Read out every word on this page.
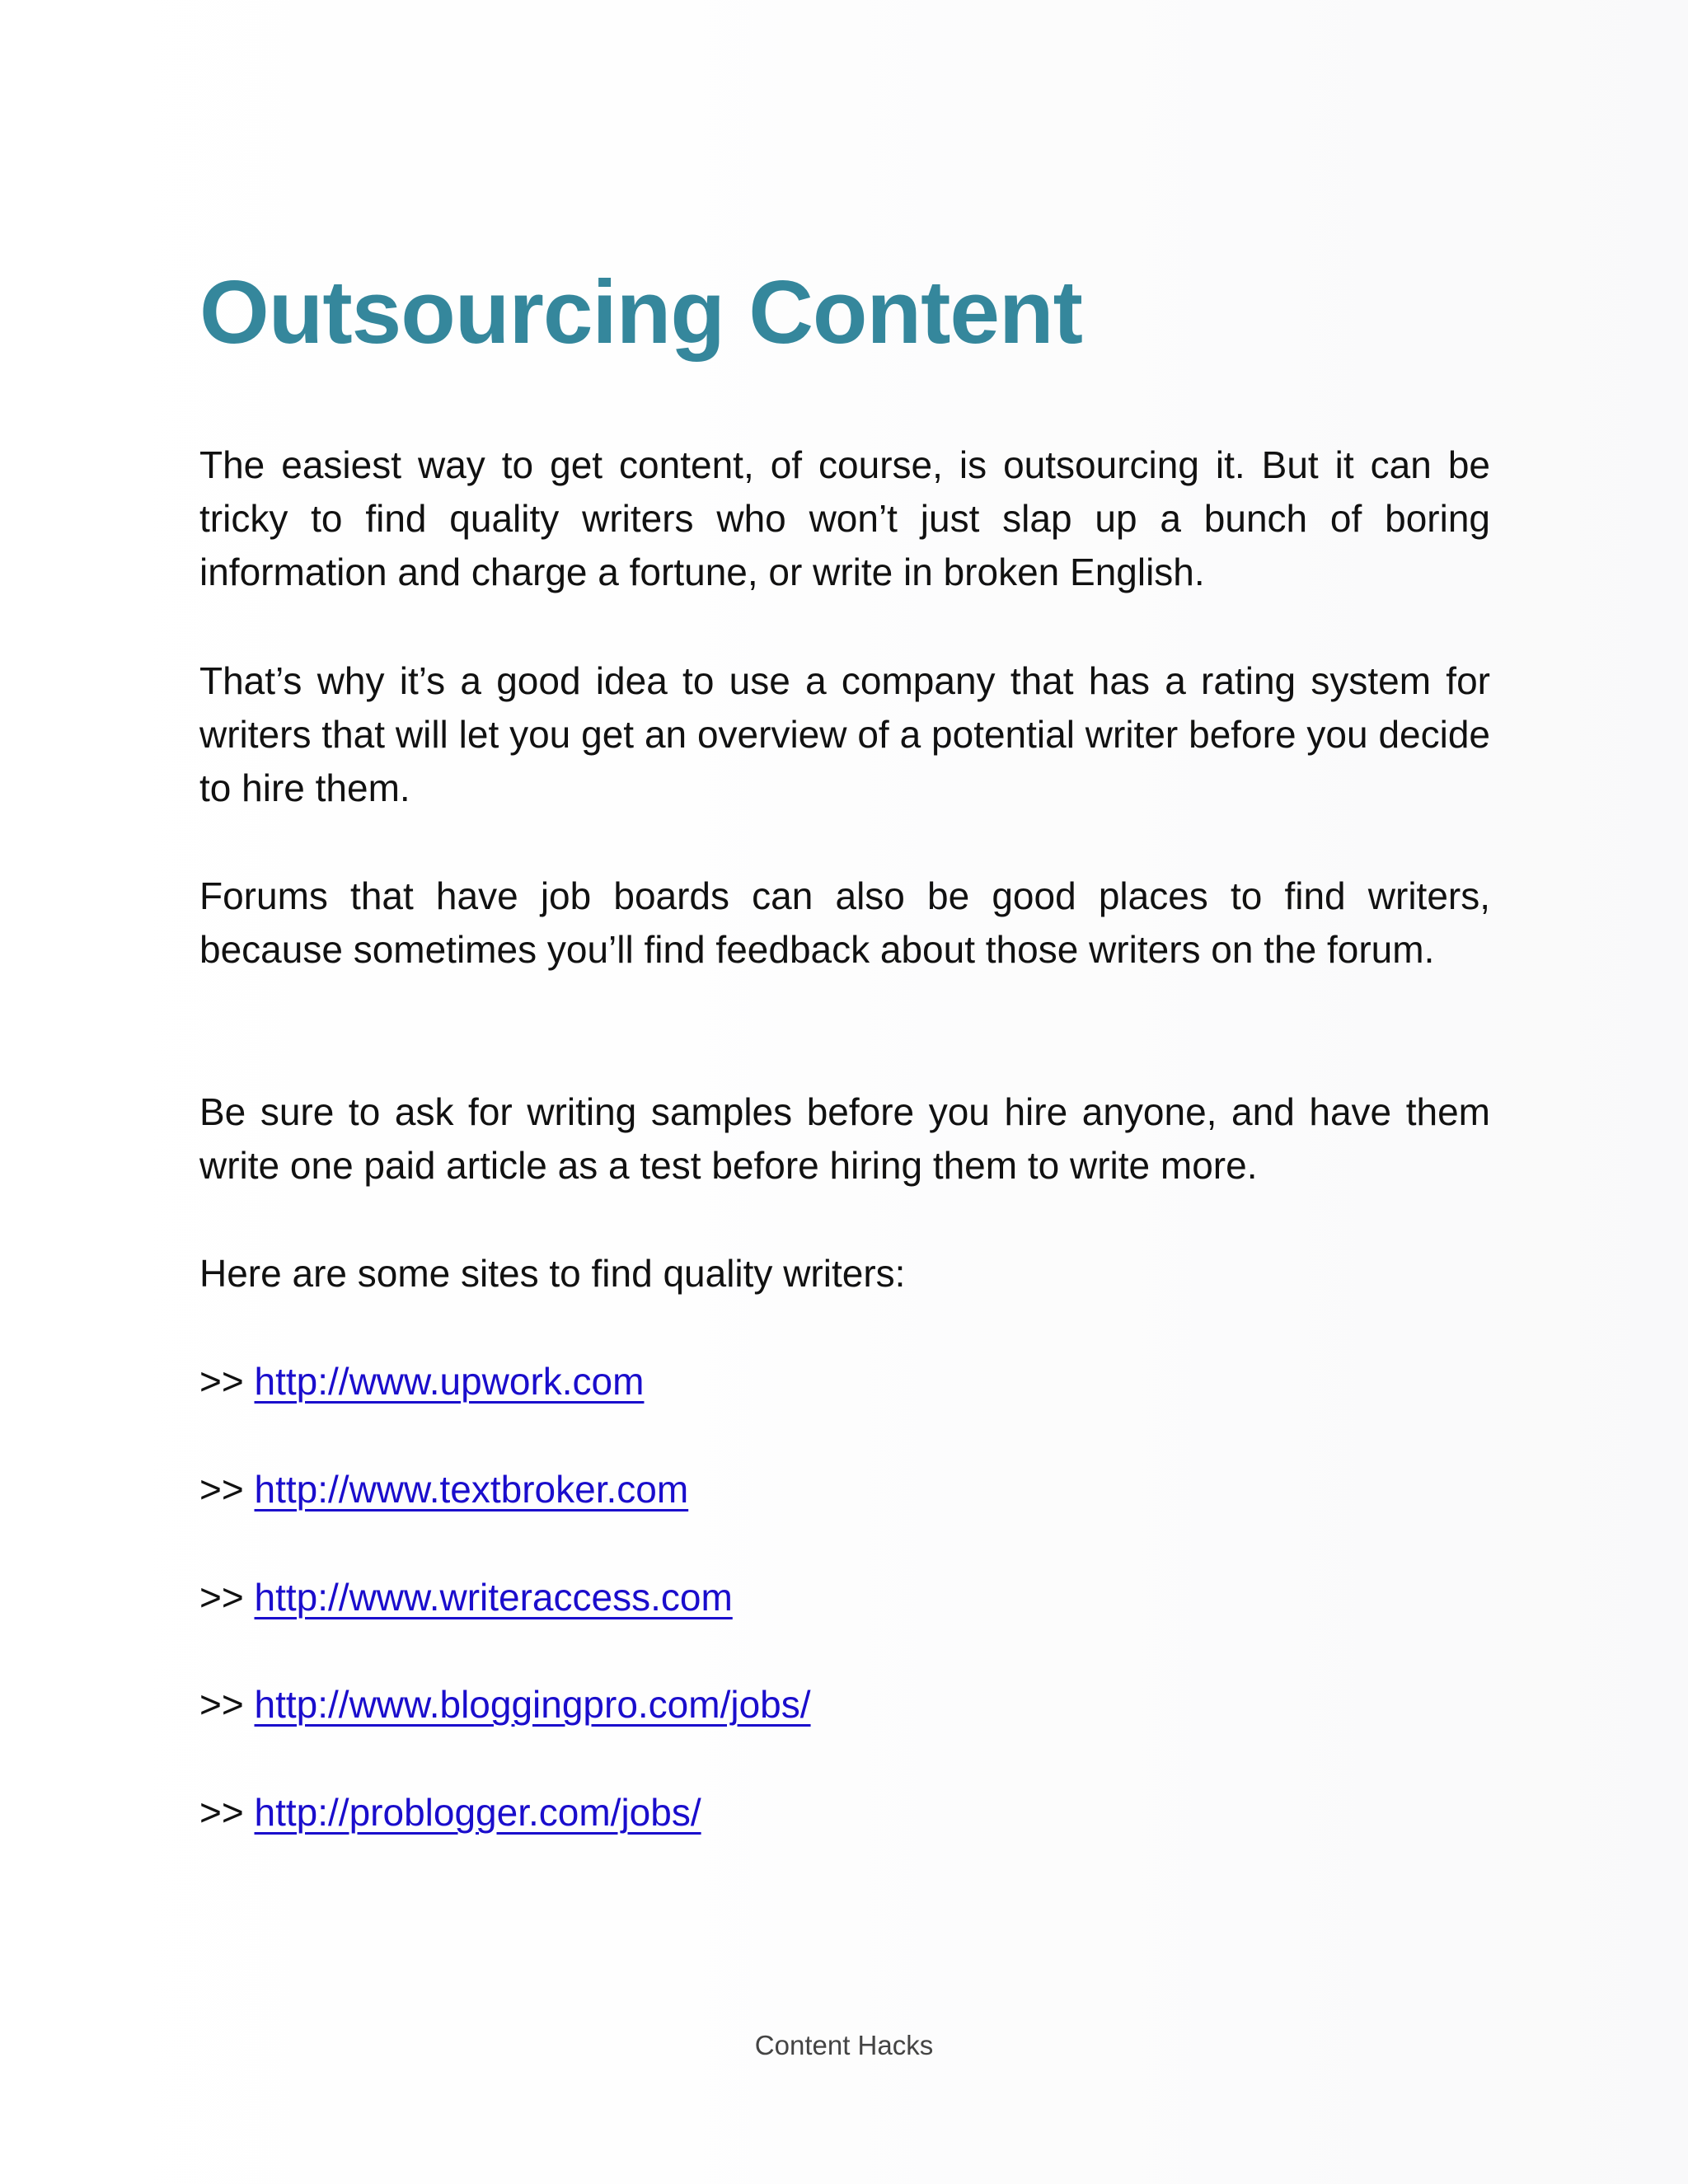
Outsourcing Content

The easiest way to get content, of course, is outsourcing it. But it can be tricky to find quality writers who won’t just slap up a bunch of boring information and charge a fortune, or write in broken English.

That’s why it’s a good idea to use a company that has a rating system for writers that will let you get an overview of a potential writer before you decide to hire them.

Forums that have job boards can also be good places to find writers, because sometimes you’ll find feedback about those writers on the forum.

Be sure to ask for writing samples before you hire anyone, and have them write one paid article as a test before hiring them to write more.

Here are some sites to find quality writers:

>> http://www.upwork.com

>> http://www.textbroker.com

>> http://www.writeraccess.com

>> http://www.bloggingpro.com/jobs/

>> http://problogger.com/jobs/

Content Hacks
